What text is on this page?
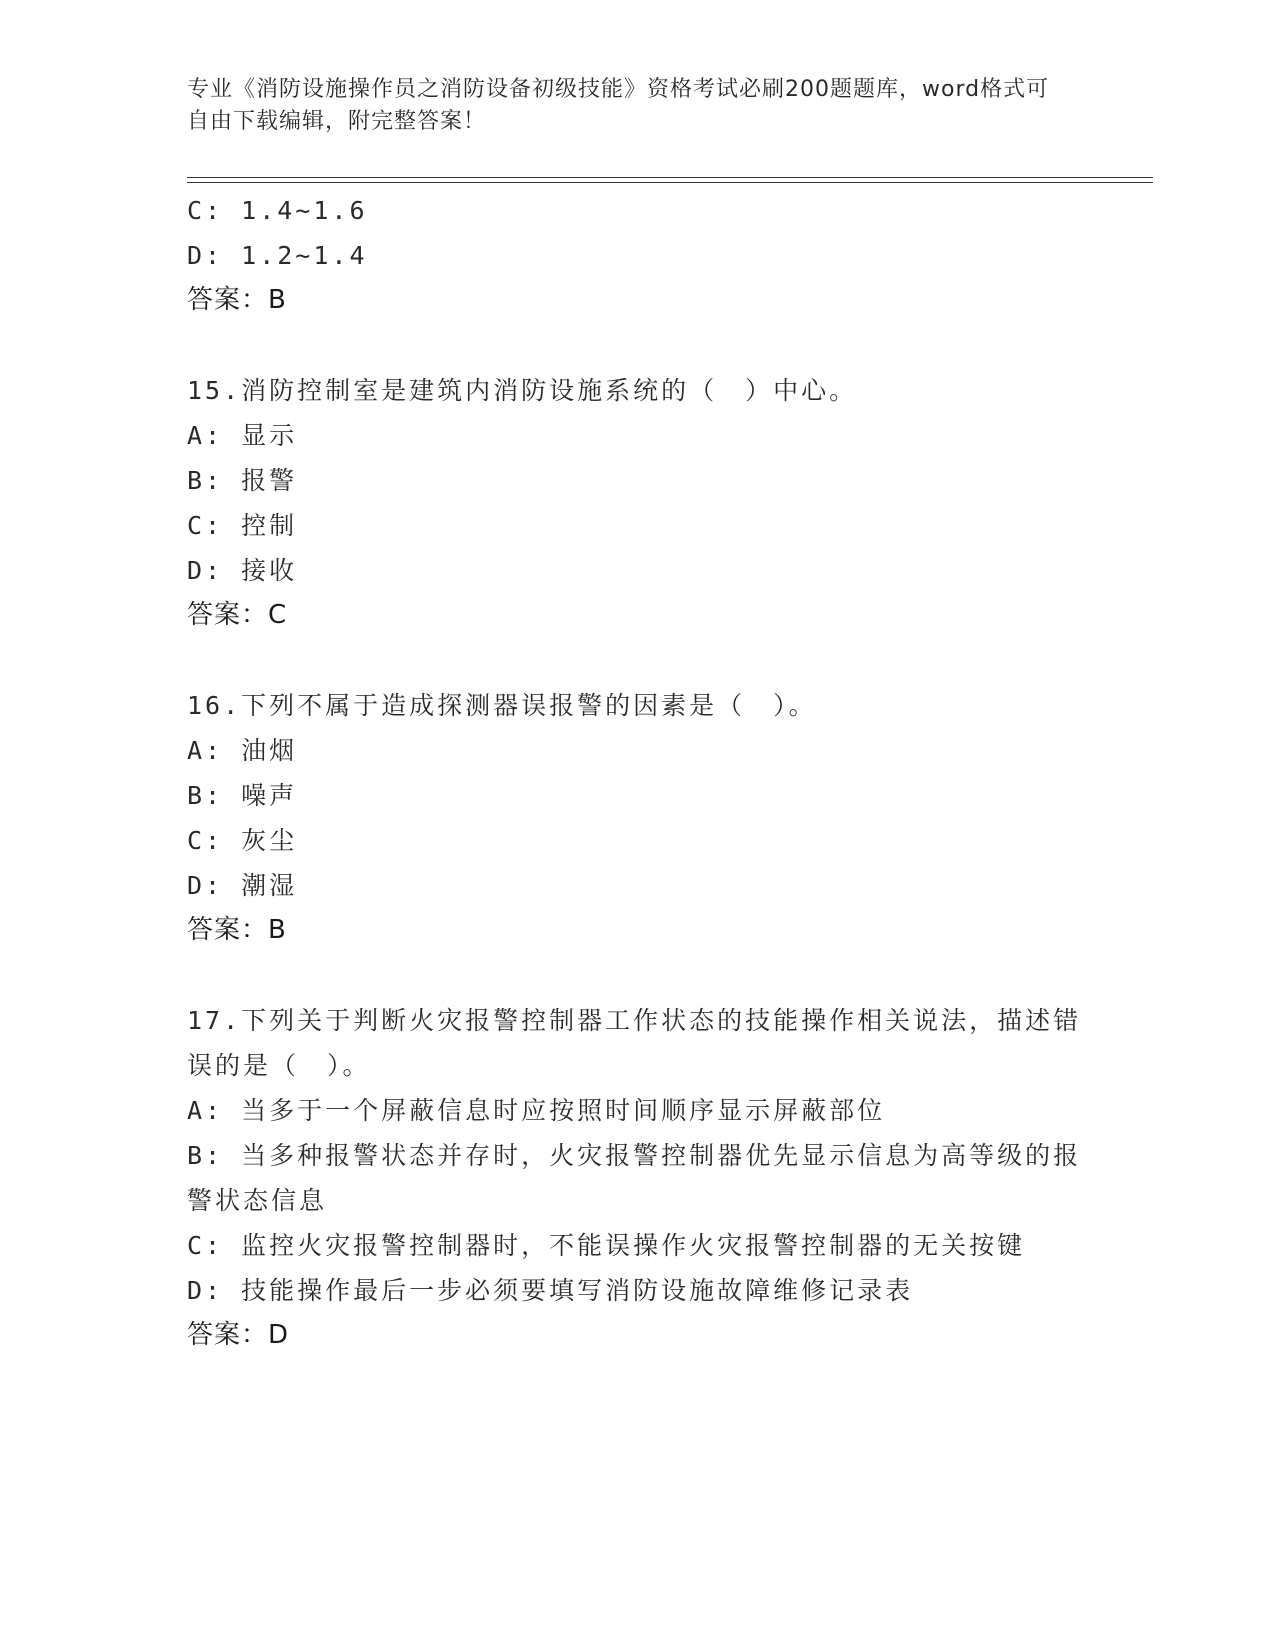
专业《消防设施操作员之消防设备初级技能》资格考试必刷200题题库，word格式可自由下载编辑，附完整答案！
C: 1.4~1.6
D: 1.2~1.4
答案：B
15.消防控制室是建筑内消防设施系统的（　）中心。
A: 显示
B: 报警
C: 控制
D: 接收
答案：C
16.下列不属于造成探测器误报警的因素是（　）。
A: 油烟
B: 噪声
C: 灰尘
D: 潮湿
答案：B
17.下列关于判断火灾报警控制器工作状态的技能操作相关说法，描述错误的是（　）。
A: 当多于一个屏蔽信息时应按照时间顺序显示屏蔽部位
B: 当多种报警状态并存时，火灾报警控制器优先显示信息为高等级的报警状态信息
C: 监控火灾报警控制器时，不能误操作火灾报警控制器的无关按键
D: 技能操作最后一步必须要填写消防设施故障维修记录表
答案：D
